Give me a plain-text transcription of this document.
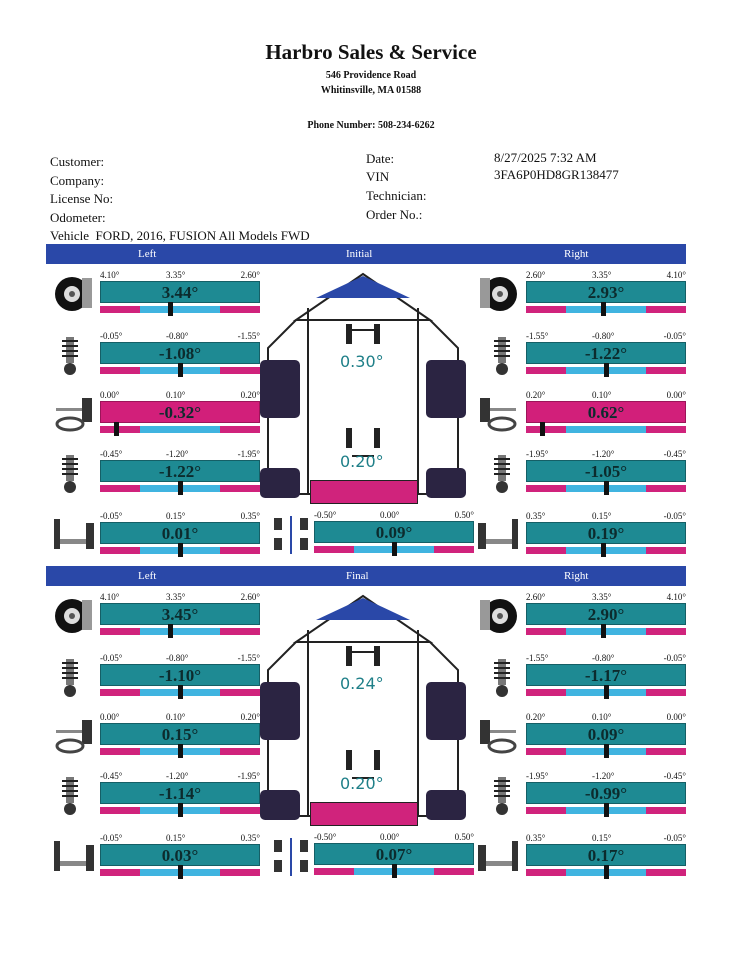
Harbro Sales & Service
546 Providence Road
Whitinsville, MA 01588
Phone Number: 508-234-6262
Customer:
Company:
License No:
Odometer:
Date:	8/27/2025 7:32 AM
VIN	3FA6P0HD8GR138477
Technician:
Order No.:
Vehicle FORD, 2016, FUSION All Models FWD
Left	Initial	Right
0.30°
0.20°
4.10°	3.35°	2.60°
3.44°
2.60°	3.35°	4.10°
2.93°
-0.05°	-0.80°	-1.55°
-1.08°
-1.55°	-0.80°	-0.05°
-1.22°
0.00°	0.10°	0.20°
-0.32°
0.20°	0.10°	0.00°
0.62°
-0.45°	-1.20°	-1.95°
-1.22°
-1.95°	-1.20°	-0.45°
-1.05°
-0.05°	0.15°	0.35°
0.01°
0.35°	0.15°	-0.05°
0.19°
-0.50°	0.00°	0.50°
0.09°
Left	Final	Right
0.24°
0.20°
4.10°	3.35°	2.60°
3.45°
2.60°	3.35°	4.10°
2.90°
-0.05°	-0.80°	-1.55°
-1.10°
-1.55°	-0.80°	-0.05°
-1.17°
0.00°	0.10°	0.20°
0.15°
0.20°	0.10°	0.00°
0.09°
-0.45°	-1.20°	-1.95°
-1.14°
-1.95°	-1.20°	-0.45°
-0.99°
-0.05°	0.15°	0.35°
0.03°
0.35°	0.15°	-0.05°
0.17°
-0.50°	0.00°	0.50°
0.07°
